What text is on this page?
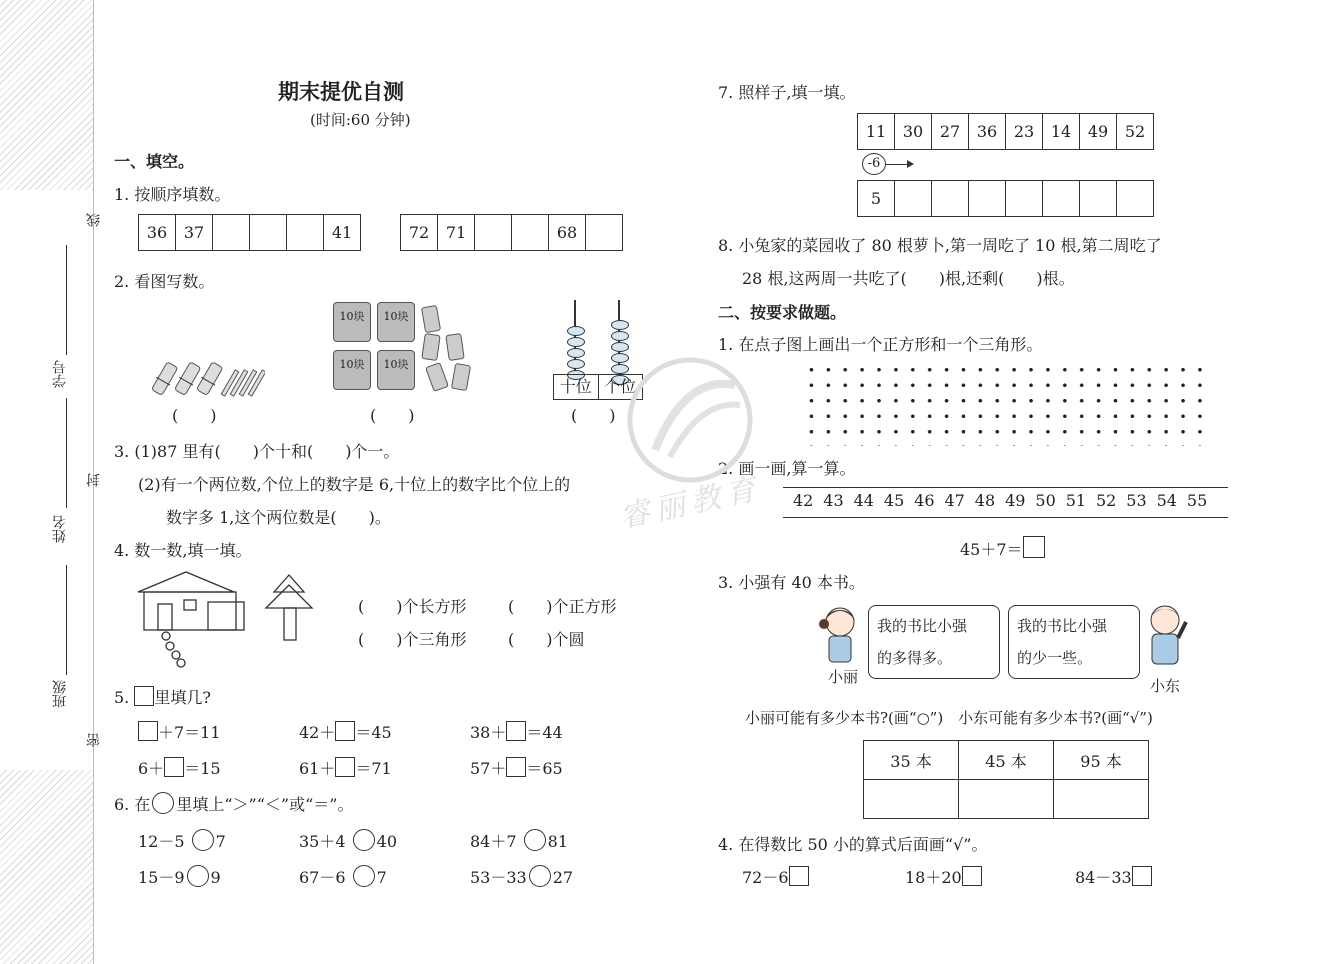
线
封
密
学号
姓名
班级
期末提优自测
(时间:60 分钟)
一、填空。
1. 按顺序填数。
36	37				41	72	71			68	
2. 看图写数。
(　　)
10块	10块
10块	10块
(　　)
十位 个位
(　　)
3. (1)87 里有(　　)个十和(　　)个一。
(2)有一个两位数,个位上的数字是 6,十位上的数字比个位上的
数字多 1,这个两位数是(　　)。
4. 数一数,填一填。
(　　)个长方形	(　　)个正方形
(　　)个三角形	(　　)个圆
5. 里填几?
＋7＝11	42＋ ＝45	38＋ ＝44
6＋ ＝15	61＋ ＝71	57＋ ＝65
6. 在 里填上“＞”“＜”或“＝”。
12－5 7	35＋4 40	84＋7 81
15－9 9	67－6 7	53－33 27
7. 照样子,填一填。
11	30	27	36	23	14	49	52
-6
5							
8. 小兔家的菜园收了 80 根萝卜,第一周吃了 10 根,第二周吃了
28 根,这两周一共吃了(　　)根,还剩(　　)根。
二、按要求做题。
1. 在点子图上画出一个正方形和一个三角形。
2. 画一画,算一算。
42 43 44 45 46 47 48 49 50 51 52 53 54 55
45＋7＝
3. 小强有 40 本书。
小丽
我的书比小强
的多得多。
我的书比小强
的少一些。
小东
小丽可能有多少本书?(画“○”)　小东可能有多少本书?(画“√”)
35 本	45 本	95 本

4. 在得数比 50 小的算式后面画“√”。
72－6	18＋20	84－33
睿丽教育
